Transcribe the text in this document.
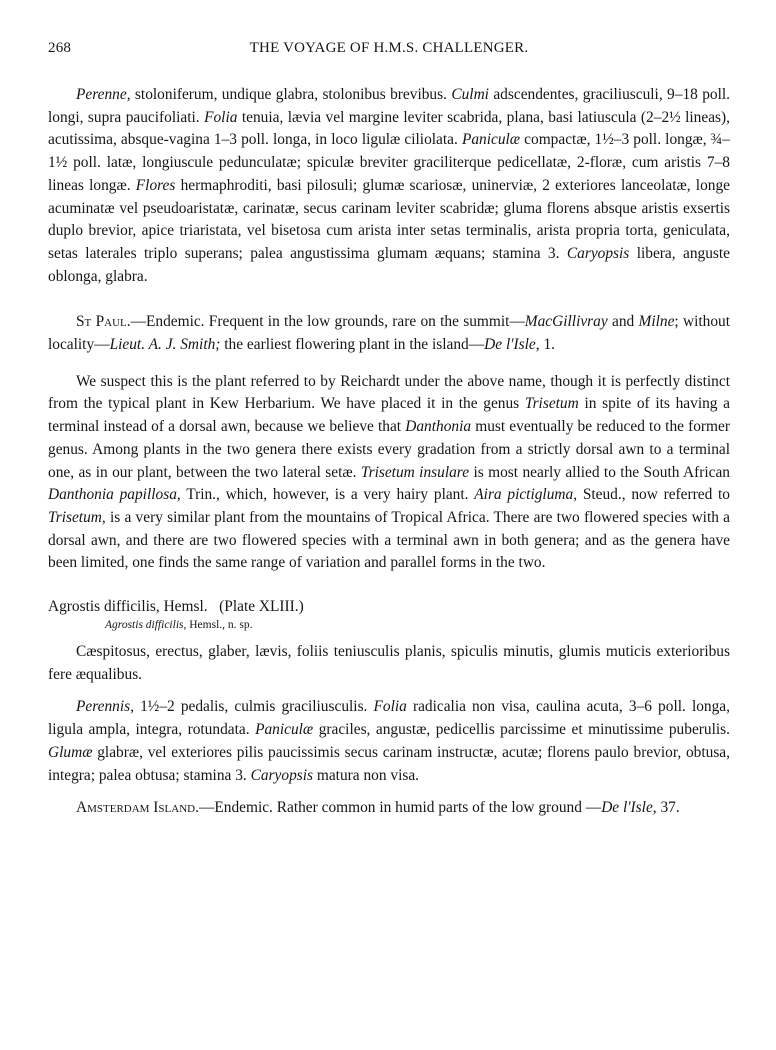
268	THE VOYAGE OF H.M.S. CHALLENGER.

Perenne, stoloniferum, undique glabra, stolonibus brevibus. Culmi adscendentes, graciliusculi, 9–18 poll. longi, supra paucifoliati. Folia tenuia, lævia vel margine leviter scabrida, plana, basi latiuscula (2–2½ lineas), acutissima, absque-vagina 1–3 poll. longa, in loco ligulæ ciliolata. Paniculæ compactæ, 1½–3 poll. longæ, ¾–1½ poll. latæ, longiuscule pedunculatæ; spiculæ breviter graciliterque pedicellatæ, 2-floræ, cum aristis 7–8 lineas longæ. Flores hermaphroditi, basi pilosuli; glumæ scariosæ, uninerviæ, 2 exteriores lanceolatæ, longe acuminatæ vel pseudoaristatæ, carinatæ, secus carinam leviter scabridæ; gluma florens absque aristis exsertis duplo brevior, apice triaristata, vel bisetosa cum arista inter setas terminalis, arista propria torta, geniculata, setas laterales triplo superans; palea angustissima glumam æquans; stamina 3. Caryopsis libera, anguste oblonga, glabra.

St Paul.—Endemic. Frequent in the low grounds, rare on the summit—MacGillivray and Milne; without locality—Lieut. A. J. Smith; the earliest flowering plant in the island—De l'Isle, 1.

We suspect this is the plant referred to by Reichardt under the above name, though it is perfectly distinct from the typical plant in Kew Herbarium. We have placed it in the genus Trisetum in spite of its having a terminal instead of a dorsal awn, because we believe that Danthonia must eventually be reduced to the former genus. Among plants in the two genera there exists every gradation from a strictly dorsal awn to a terminal one, as in our plant, between the two lateral setæ. Trisetum insulare is most nearly allied to the South African Danthonia papillosa, Trin., which, however, is a very hairy plant. Aira pictigluma, Steud., now referred to Trisetum, is a very similar plant from the mountains of Tropical Africa. There are two flowered species with a dorsal awn, and there are two flowered species with a terminal awn in both genera; and as the genera have been limited, one finds the same range of variation and parallel forms in the two.

Agrostis difficilis, Hemsl. (Plate XLIII.)
Agrostis difficilis, Hemsl., n. sp.

Cæspitosus, erectus, glaber, lævis, foliis teniusculis planis, spiculis minutis, glumis muticis exterioribus fere æqualibus.

Perennis, 1½–2 pedalis, culmis graciliusculis. Folia radicalia non visa, caulina acuta, 3–6 poll. longa, ligula ampla, integra, rotundata. Paniculæ graciles, angustæ, pedicellis parcissime et minutissime puberulis. Glumæ glabræ, vel exteriores pilis paucissimis secus carinam instructæ, acutæ; florens paulo brevior, obtusa, integra; palea obtusa; stamina 3. Caryopsis matura non visa.

Amsterdam Island.—Endemic. Rather common in humid parts of the low ground —De l'Isle, 37.
